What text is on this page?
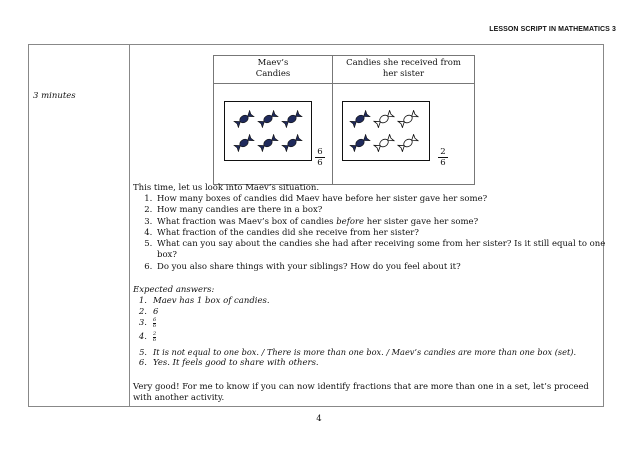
LESSON SCRIPT IN MATHEMATICS 3
3 minutes
Maev’s
Candies
Candies she received from
her sister
$\frac{6}{6}$	$\frac{2}{6}$
This time, let us look into Maev’s situation.
1. How many boxes of candies did Maev have before her sister gave her some?
2. How many candies are there in a box?
3. What fraction was Maev’s box of candies before her sister gave her some?
4. What fraction of the candies did she receive from her sister?
5. What can you say about the candies she had after receiving some from her sister? Is it still equal to one box?
6. Do you also share things with your siblings? How do you feel about it?
Expected answers:
1. Maev has 1 box of candies.
2. 6
3. $\frac{6}{6}$
4. $\frac{2}{6}$
5. It is not equal to one box. / There is more than one box. / Maev’s candies are more than one box (set).
6. Yes. It feels good to share with others.
Very good! For me to know if you can now identify fractions that are more than one in a set, let’s proceed with another activity.
4
